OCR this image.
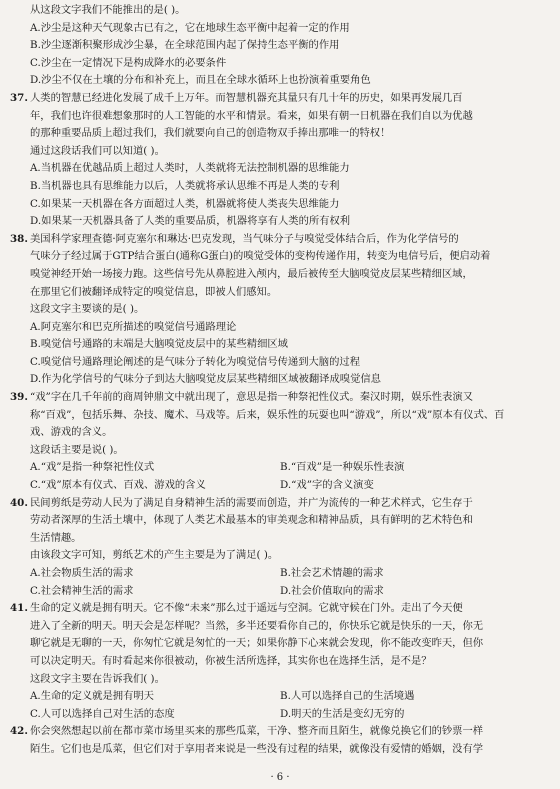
从这段文字我们不能推出的是( )。
A.沙尘是这种天气现象古已有之，它在地球生态平衡中起着一定的作用
B.沙尘逐渐积聚形成沙尘暴，在全球范围内起了保持生态平衡的作用
C.沙尘在一定情况下是构成降水的必要条件
D.沙尘不仅在土壤的分布和补充上，而且在全球水循环上也扮演着重要角色
37. 人类的智慧已经进化发展了成千上万年。而智慧机器充其量只有几十年的历史，如果再发展几百
年，我们也许很难想象那时的人工智能的水平和情景。看来，如果有朝一日机器在我们自以为优越
的那种重要品质上超过我们，我们就要向自己的创造物双手捧出那唯一的特权！
通过这段话我们可以知道( )。
A.当机器在优越品质上超过人类时，人类就将无法控制机器的思维能力
B.当机器也具有思维能力以后，人类就将承认思维不再是人类的专利
C.如果某一天机器在各方面超过人类，机器就将使人类丧失思维能力
D.如果某一天机器具备了人类的重要品质，机器将享有人类的所有权利
38. 美国科学家理查德·阿克塞尔和琳达·巴克发现，当气味分子与嗅觉受体结合后，作为化学信号的
气味分子经过属于GTP结合蛋白(通称G蛋白)的嗅觉受体的变构传递作用，转变为电信号后，便启动着
嗅觉神经开始一场接力跑。这些信号先从鼻腔进入颅内，最后被传至大脑嗅觉皮层某些精细区域，
在那里它们被翻译成特定的嗅觉信息，即被人们感知。
这段文字主要谈的是( )。
A.阿克塞尔和巴克所描述的嗅觉信号通路理论
B.嗅觉信号通路的末端是大脑嗅觉皮层中的某些精细区域
C.嗅觉信号通路理论阐述的是气味分子转化为嗅觉信号传递到大脑的过程
D.作为化学信号的气味分子到达大脑嗅觉皮层某些精细区域被翻译成嗅觉信息
39. “戏”字在几千年前的商周钟鼎文中就出现了，意思是指一种祭祀性仪式。秦汉时期，娱乐性表演又
称“百戏”，包括乐舞、杂技、魔术、马戏等。后来，娱乐性的玩耍也叫“游戏”，所以“戏”原本有仪式、百
戏、游戏的含义。
这段话主要是说( )。
A.“戏”是指一种祭祀性仪式	B.“百戏”是一种娱乐性表演
C.“戏”原本有仪式、百戏、游戏的含义	D.“戏”字的含义演变
40. 民间剪纸是劳动人民为了满足自身精神生活的需要而创造，并广为流传的一种艺术样式，它生存于
劳动者深厚的生活土壤中，体现了人类艺术最基本的审美观念和精神品质，具有鲜明的艺术特色和
生活情趣。
由该段文字可知，剪纸艺术的产生主要是为了满足( )。
A.社会物质生活的需求	B.社会艺术情趣的需求
C.社会精神生活的需求	D.社会价值取向的需求
41. 生命的定义就是拥有明天。它不像“未来”那么过于遥远与空洞。它就守候在门外。走出了今天便
进入了全新的明天。明天会是怎样呢？当然，多半还要看你自己的，你快乐它就是快乐的一天，你无
聊它就是无聊的一天，你匆忙它就是匆忙的一天；如果你静下心来就会发现，你不能改变昨天，但你
可以决定明天。有时看起来你很被动，你被生活所选择，其实你也在选择生活，是不是？
这段文字主要在告诉我们( )。
A.生命的定义就是拥有明天	B.人可以选择自己的生活境遇
C.人可以选择自己对生活的态度	D.明天的生活是变幻无穷的
42. 你会突然想起以前在都市菜市场里买来的那些瓜菜，干净、整齐而且陌生，就像兑换它们的钞票一样
陌生。它们也是瓜菜，但它们对于享用者来说是一些没有过程的结果，就像没有爱情的婚姻，没有学
· 6 ·
